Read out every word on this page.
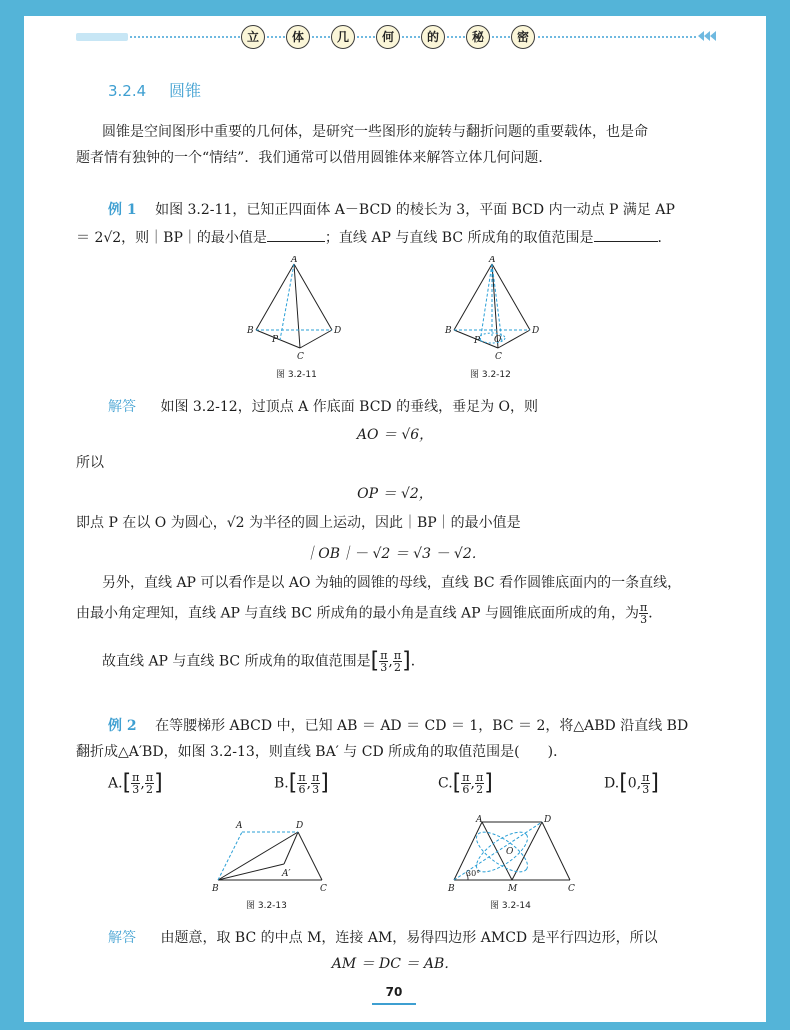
立	体	几	何	的	秘	密
3.2.4 圆锥
圆锥是空间图形中重要的几何体，是研究一些图形的旋转与翻折问题的重要载体，也是命
题者情有独钟的一个“情结”．我们通常可以借用圆锥体来解答立体几何问题．
例 1 如图 3.2-11，已知正四面体 A－BCD 的棱长为 3，平面 BCD 内一动点 P 满足 AP
＝ 2√2，则｜BP｜的最小值是	；直线 AP 与直线 BC 所成角的取值范围是	．
A
B	D
P
C
图 3.2-11
A
B	D
P O
C
图 3.2-12
解答 如图 3.2-12，过顶点 A 作底面 BCD 的垂线，垂足为 O，则
AO ＝ √6，
所以
OP ＝ √2，
即点 P 在以 O 为圆心，√2 为半径的圆上运动，因此｜BP｜的最小值是
｜OB｜－ √2 ＝ √3 － √2．
另外，直线 AP 可以看作是以 AO 为轴的圆锥的母线，直线 BC 看作圆锥底面内的一条直线，
由最小角定理知，直线 AP 与直线 BC 所成角的最小角是直线 AP 与圆锥底面所成的角，为 $\frac{\pi}{3}$ ．
故直线 AP 与直线 BC 所成角的取值范围是[ $\frac{\pi}{3}$ , $\frac{\pi}{2}$ ]．
例 2 在等腰梯形 ABCD 中，已知 AB ＝ AD ＝ CD ＝ 1，BC ＝ 2，将△ABD 沿直线 BD
翻折成△A′BD，如图 3.2-13，则直线 BA′ 与 CD 所成角的取值范围是(　　)．
$A.[ \frac{\pi}{3}$ , $\frac{\pi}{2}$ ]	$B.[ \frac{\pi}{6}$ , $\frac{\pi}{3}$ ]	$C.[ \frac{\pi}{6}$ , $\frac{\pi}{2}$ ]	D.[0, $\frac{\pi}{3}$ ]
A	D
A′
B	C
图 3.2-13
A	D
O
30°
B	M	C
图 3.2-14
解答 由题意，取 BC 的中点 M，连接 AM，易得四边形 AMCD 是平行四边形，所以
AM ＝ DC ＝ AB．
70
